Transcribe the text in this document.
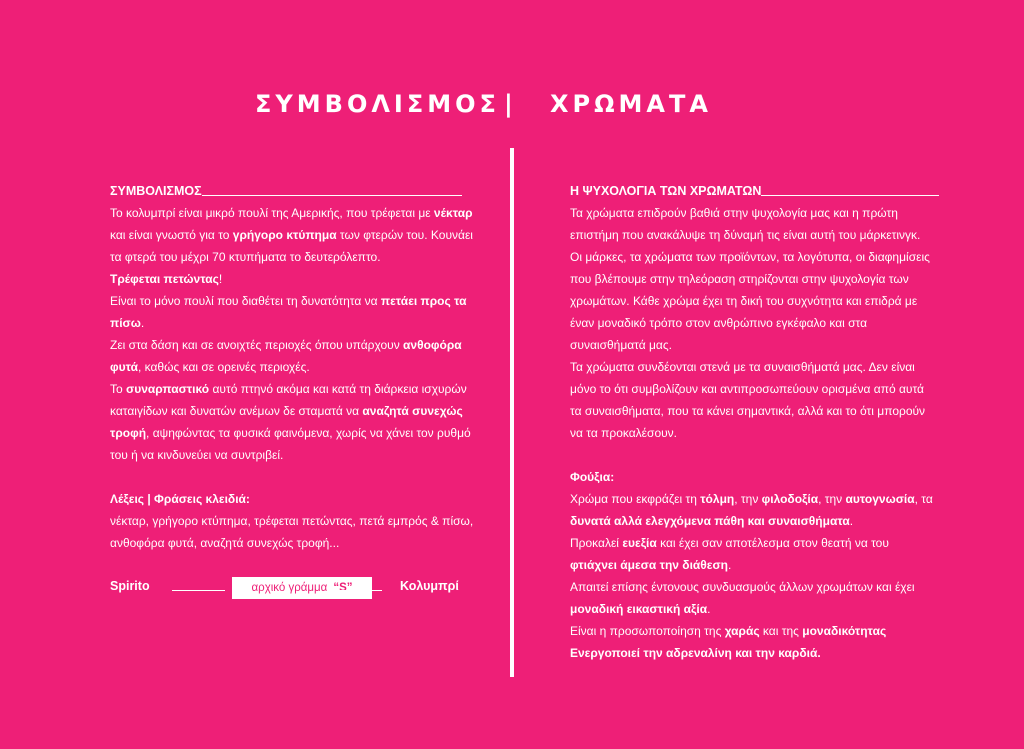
ΣΥΜΒΟΛΙΣΜΟΣ | ΧΡΩΜΑΤΑ
ΣΥΜΒΟΛΙΣΜΟΣ
Το κολυμπρί είναι μικρό πουλί της Αμερικής, που τρέφεται με νέκταρ
και είναι γνωστό για το γρήγορο κτύπημα των φτερών του. Κουνάει
τα φτερά του μέχρι 70 κτυπήματα το δευτερόλεπτο.
Τρέφεται πετώντας!
Είναι το μόνο πουλί που διαθέτει τη δυνατότητα να πετάει προς τα
πίσω.
Ζει στα δάση και σε ανοιχτές περιοχές όπου υπάρχουν ανθοφόρα
φυτά, καθώς και σε ορεινές περιοχές.
Το συναρπαστικό αυτό πτηνό ακόμα και κατά τη διάρκεια ισχυρών
καταιγίδων και δυνατών ανέμων δε σταματά να αναζητά συνεχώς
τροφή, αψηφώντας τα φυσικά φαινόμενα, χωρίς να χάνει τον ρυθμό
του ή να κινδυνεύει να συντριβεί.
Λέξεις | Φράσεις κλειδιά:
νέκταρ, γρήγορο κτύπημα, τρέφεται πετώντας, πετά εμπρός & πίσω,
ανθοφόρα φυτά, αναζητά συνεχώς τροφή...
Spirito	αρχικό γράμμα “S”	Κολυμπρί
Η ΨΥΧΟΛΟΓΙΑ ΤΩΝ ΧΡΩΜΑΤΩΝ
Τα χρώματα επιδρούν βαθιά στην ψυχολογία μας και η πρώτη
επιστήμη που ανακάλυψε τη δύναμή τις είναι αυτή του μάρκετινγκ.
Οι μάρκες, τα χρώματα των προϊόντων, τα λογότυπα, οι διαφημίσεις
που βλέπουμε στην τηλεόραση στηρίζονται στην ψυχολογία των
χρωμάτων. Κάθε χρώμα έχει τη δική του συχνότητα και επιδρά με
έναν μοναδικό τρόπο στον ανθρώπινο εγκέφαλο και στα
συναισθήματά μας.
Τα χρώματα συνδέονται στενά με τα συναισθήματά μας. Δεν είναι
μόνο το ότι συμβολίζουν και αντιπροσωπεύουν ορισμένα από αυτά
τα συναισθήματα, που τα κάνει σημαντικά, αλλά και το ότι μπορούν
να τα προκαλέσουν.
Φούξια:
Χρώμα που εκφράζει τη τόλμη, την φιλοδοξία, την αυτογνωσία, τα
δυνατά αλλά ελεγχόμενα πάθη και συναισθήματα.
Προκαλεί ευεξία και έχει σαν αποτέλεσμα στον θεατή να του
φτιάχνει άμεσα την διάθεση.
Απαιτεί επίσης έντονους συνδυασμούς άλλων χρωμάτων και έχει
μοναδική εικαστική αξία.
Είναι η προσωποποίηση της χαράς και της μοναδικότητας
Ενεργοποιεί την αδρεναλίνη και την καρδιά.
